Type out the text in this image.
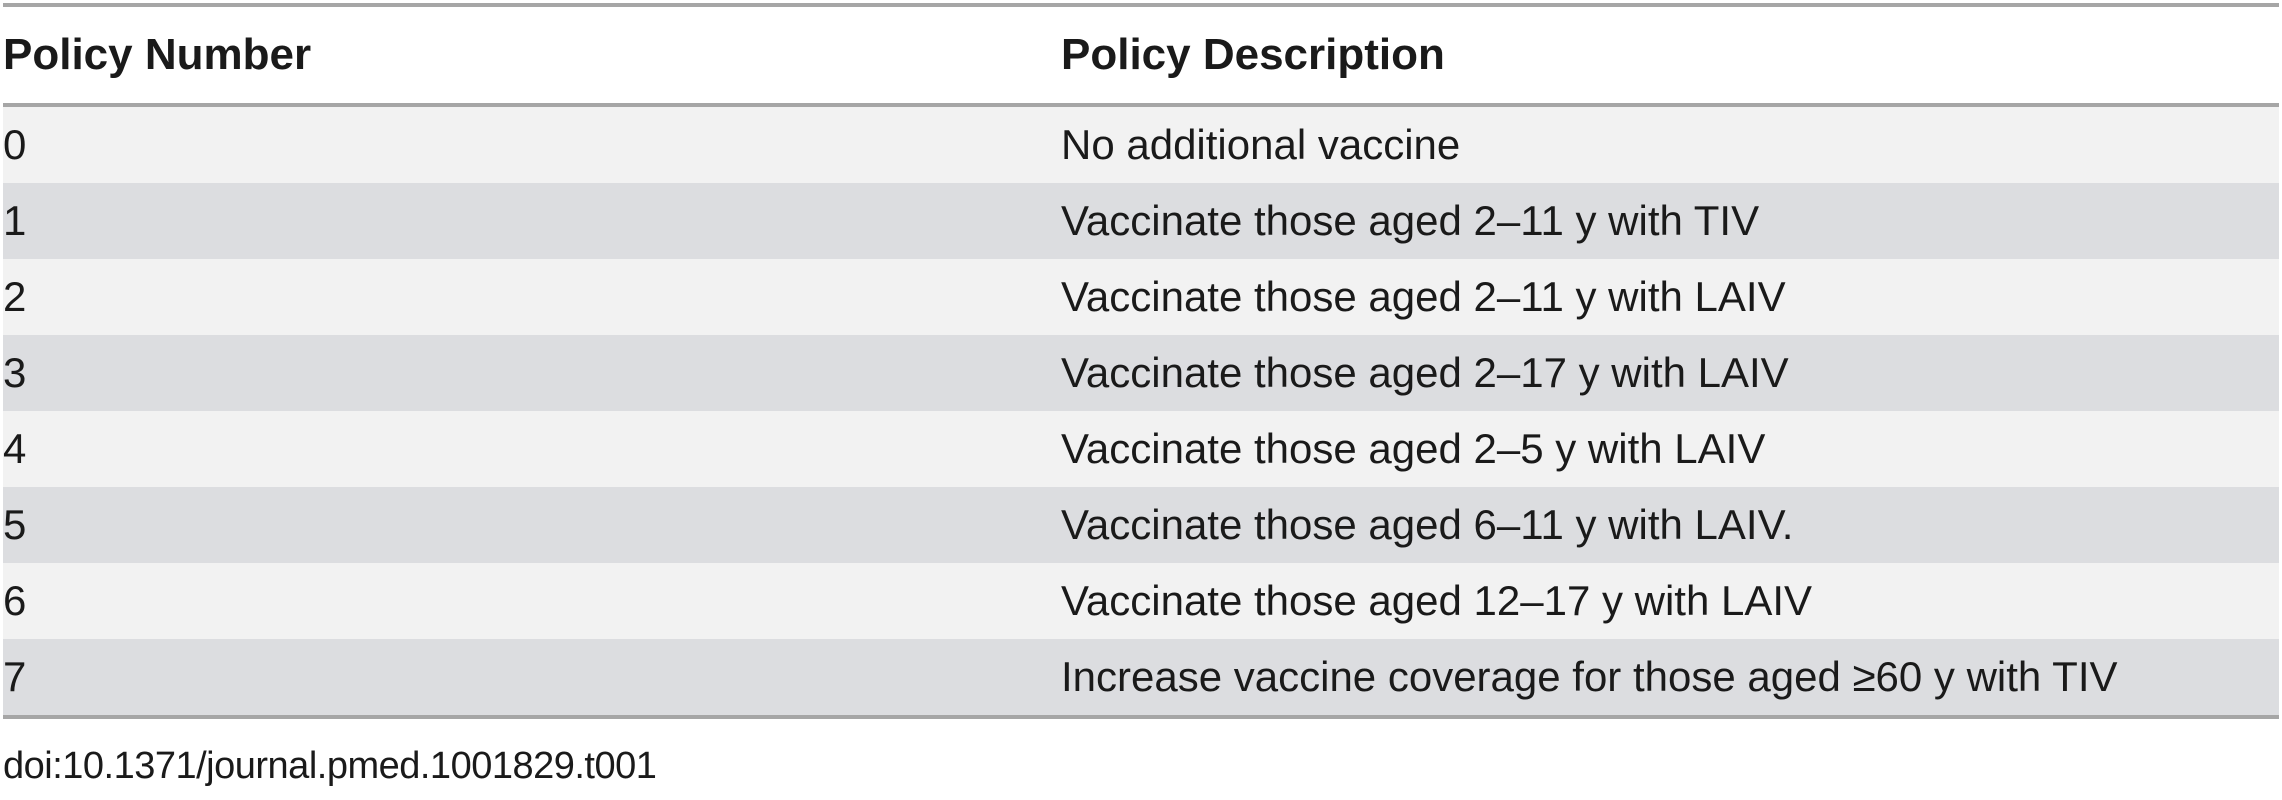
Policy Number	Policy Description
0	No additional vaccine
1	Vaccinate those aged 2–11 y with TIV
2	Vaccinate those aged 2–11 y with LAIV
3	Vaccinate those aged 2–17 y with LAIV
4	Vaccinate those aged 2–5 y with LAIV
5	Vaccinate those aged 6–11 y with LAIV.
6	Vaccinate those aged 12–17 y with LAIV
7	Increase vaccine coverage for those aged ≥60 y with TIV
doi:10.1371/journal.pmed.1001829.t001
